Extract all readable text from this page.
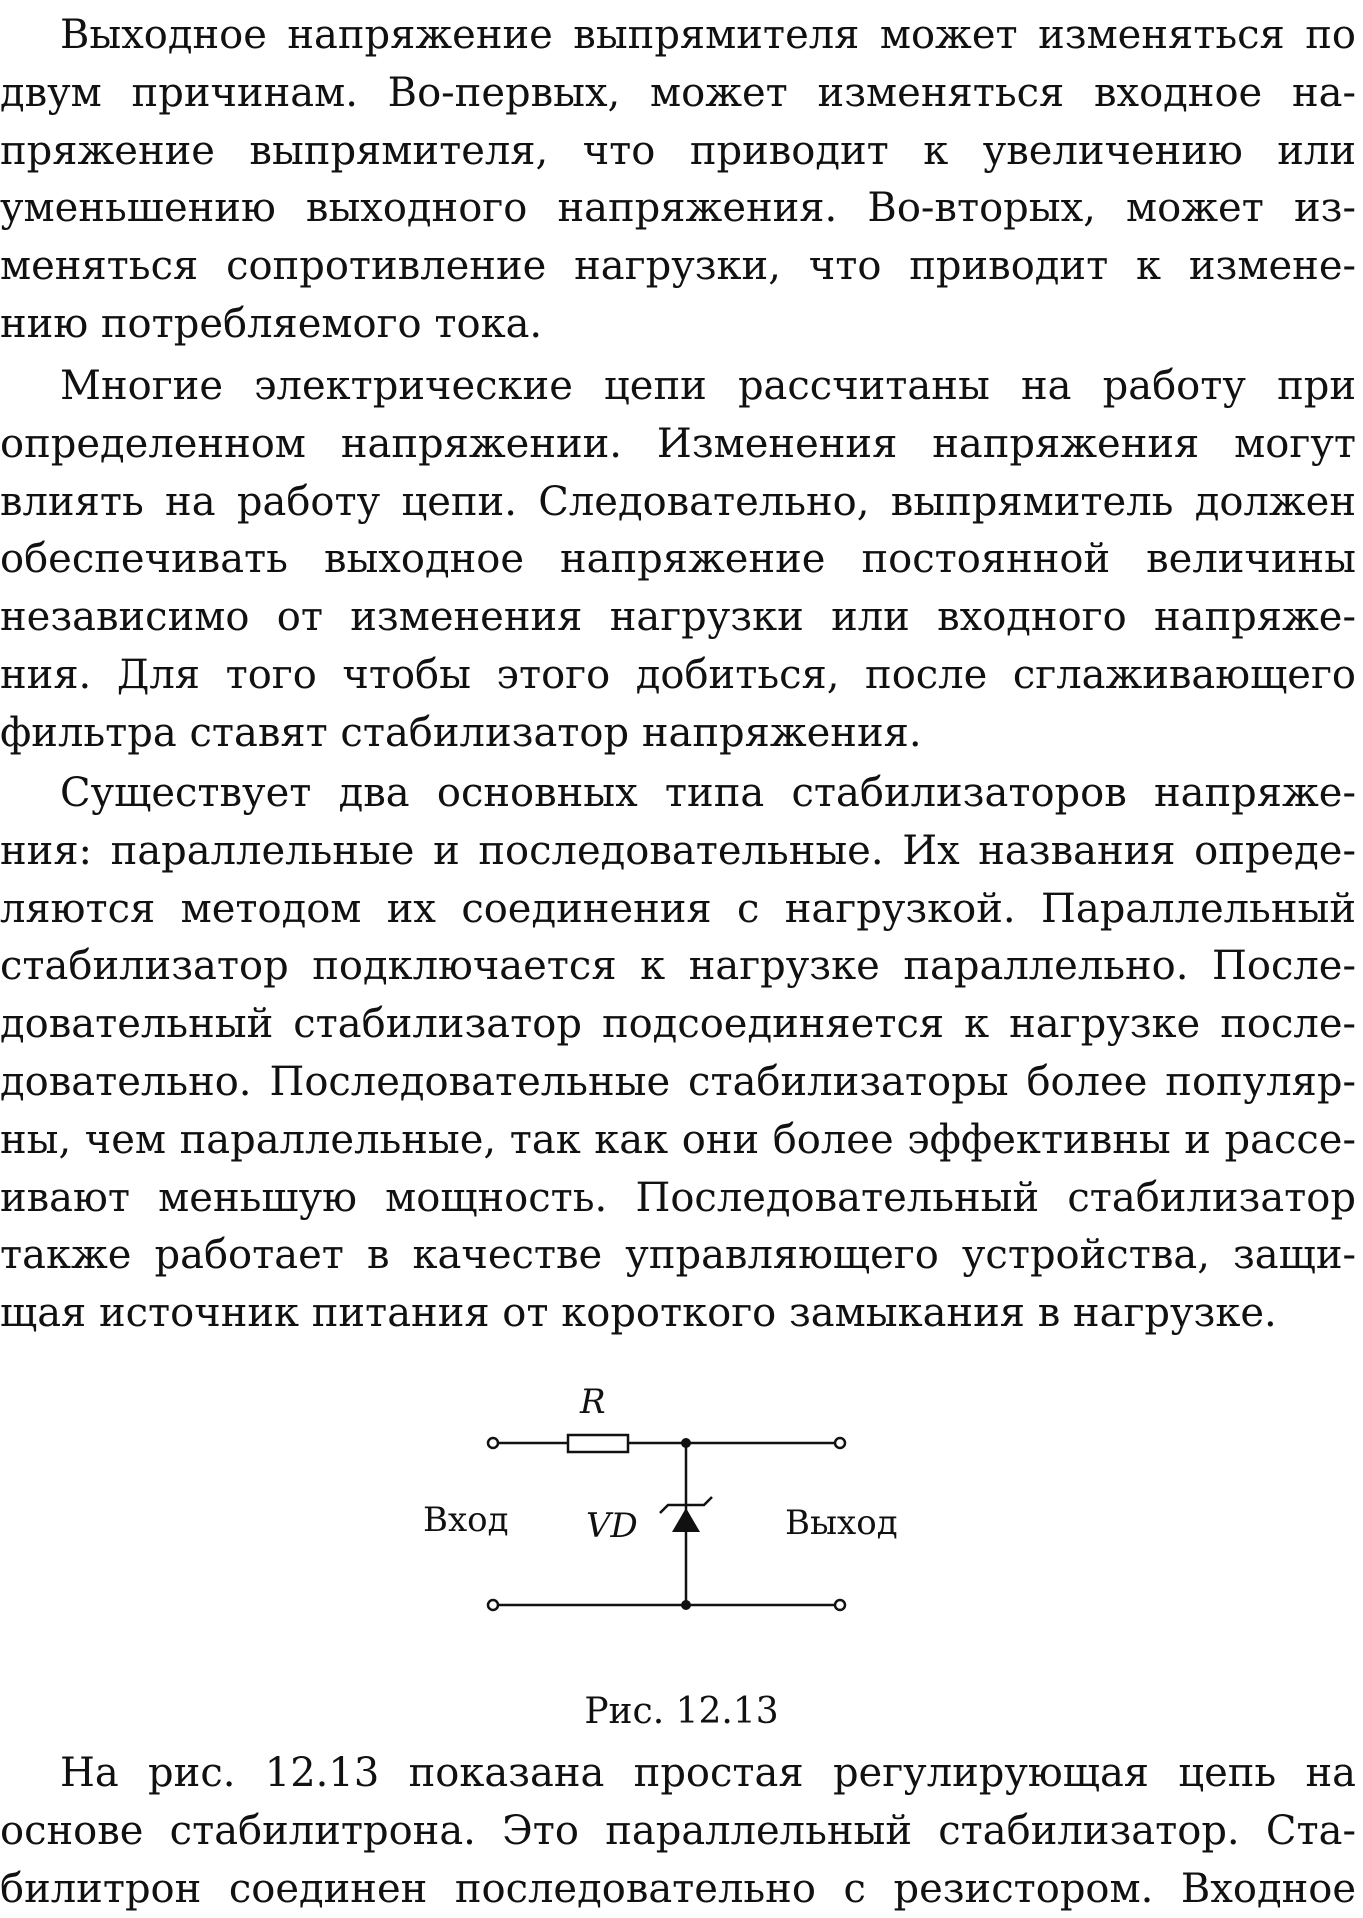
Выходное напряжение выпрямителя может изменяться по
двум причинам. Во-первых, может изменяться входное на-
пряжение выпрямителя, что приводит к увеличению или
уменьшению выходного напряжения. Во-вторых, может из-
меняться сопротивление нагрузки, что приводит к измене-
нию потребляемого тока.
Многие электрические цепи рассчитаны на работу при
определенном напряжении. Изменения напряжения могут
влиять на работу цепи. Следовательно, выпрямитель должен
обеспечивать выходное напряжение постоянной величины
независимо от изменения нагрузки или входного напряже-
ния. Для того чтобы этого добиться, после сглаживающего
фильтра ставят стабилизатор напряжения.
Существует два основных типа стабилизаторов напряже-
ния: параллельные и последовательные. Их названия опреде-
ляются методом их соединения с нагрузкой. Параллельный
стабилизатор подключается к нагрузке параллельно. После-
довательный стабилизатор подсоединяется к нагрузке после-
довательно. Последовательные стабилизаторы более популяр-
ны, чем параллельные, так как они более эффективны и рассе-
ивают меньшую мощность. Последовательный стабилизатор
также работает в качестве управляющего устройства, защи-
щая источник питания от короткого замыкания в нагрузке.
R
Вход VD	Выход
Рис. 12.13
На рис. 12.13 показана простая регулирующая цепь на
основе стабилитрона. Это параллельный стабилизатор. Ста-
билитрон соединен последовательно с резистором. Входное
